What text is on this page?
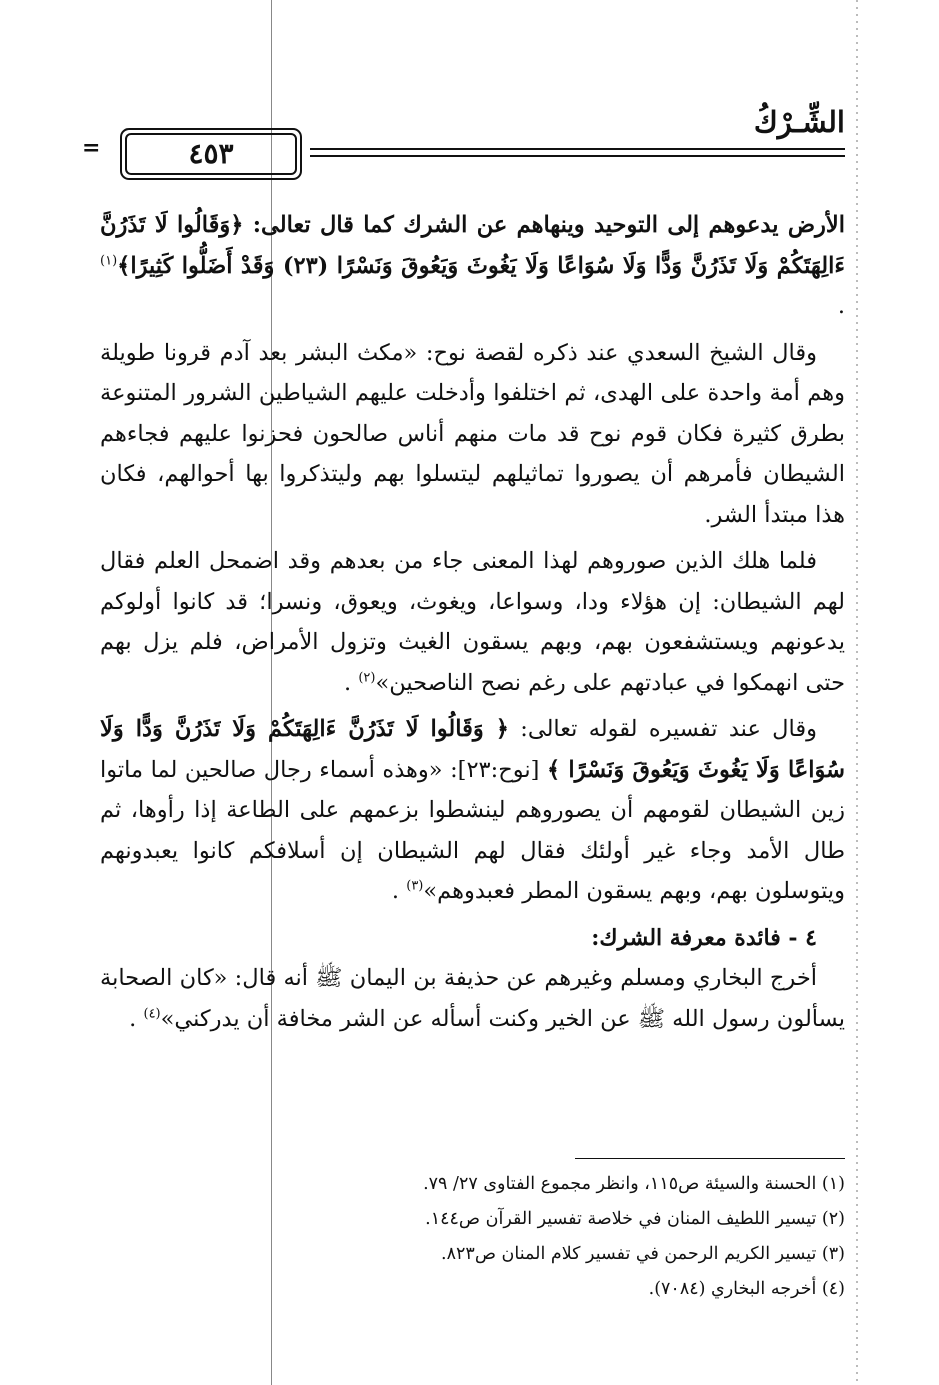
الشِّـرْكُ
٤٥٣
=

الأرض يدعوهم إلى التوحيد وينهاهم عن الشرك كما قال تعالى: ﴿وَقَالُوا لَا تَذَرُنَّ ءَالِهَتَكُمْ وَلَا تَذَرُنَّ وَدًّا وَلَا سُوَاعًا وَلَا يَغُوثَ وَيَعُوقَ وَنَسْرًا (٢٣) وَقَدْ أَضَلُّوا كَثِيرًا﴾$^{(١)}$ .

وقال الشيخ السعدي عند ذكره لقصة نوح: «مكث البشر بعد آدم قرونا طويلة وهم أمة واحدة على الهدى، ثم اختلفوا وأدخلت عليهم الشياطين الشرور المتنوعة بطرق كثيرة فكان قوم نوح قد مات منهم أناس صالحون فحزنوا عليهم فجاءهم الشيطان فأمرهم أن يصوروا تماثيلهم ليتسلوا بهم وليتذكروا بها أحوالهم، فكان هذا مبتدأ الشر.

فلما هلك الذين صوروهم لهذا المعنى جاء من بعدهم وقد اضمحل العلم فقال لهم الشيطان: إن هؤلاء ودا، وسواعا، ويغوث، ويعوق، ونسرا؛ قد كانوا أولوكم يدعونهم ويستشفعون بهم، وبهم يسقون الغيث وتزول الأمراض، فلم يزل بهم حتى انهمكوا في عبادتهم على رغم نصح الناصحين»$^{(٢)}$ .

وقال عند تفسيره لقوله تعالى: ﴿ وَقَالُوا لَا تَذَرُنَّ ءَالِهَتَكُمْ وَلَا تَذَرُنَّ وَدًّا وَلَا سُوَاعًا وَلَا يَغُوثَ وَيَعُوقَ وَنَسْرًا ﴾ [نوح:٢٣]: «وهذه أسماء رجال صالحين لما ماتوا زين الشيطان لقومهم أن يصوروهم لينشطوا بزعمهم على الطاعة إذا رأوها، ثم طال الأمد وجاء غير أولئك فقال لهم الشيطان إن أسلافكم كانوا يعبدونهم ويتوسلون بهم، وبهم يسقون المطر فعبدوهم»$^{(٣)}$ .

٤ - فائدة معرفة الشرك:

أخرج البخاري ومسلم وغيرهم عن حذيفة بن اليمان ﷺ أنه قال: «كان الصحابة يسألون رسول الله ﷺ عن الخير وكنت أسأله عن الشر مخافة أن يدركني»$^{(٤)}$ .

(١) الحسنة والسيئة ص١١٥، وانظر مجموع الفتاوى ٢٧/ ٧٩.

(٢) تيسير اللطيف المنان في خلاصة تفسير القرآن ص١٤٤.

(٣) تيسير الكريم الرحمن في تفسير كلام المنان ص٨٢٣.

(٤) أخرجه البخاري (٧٠٨٤).
